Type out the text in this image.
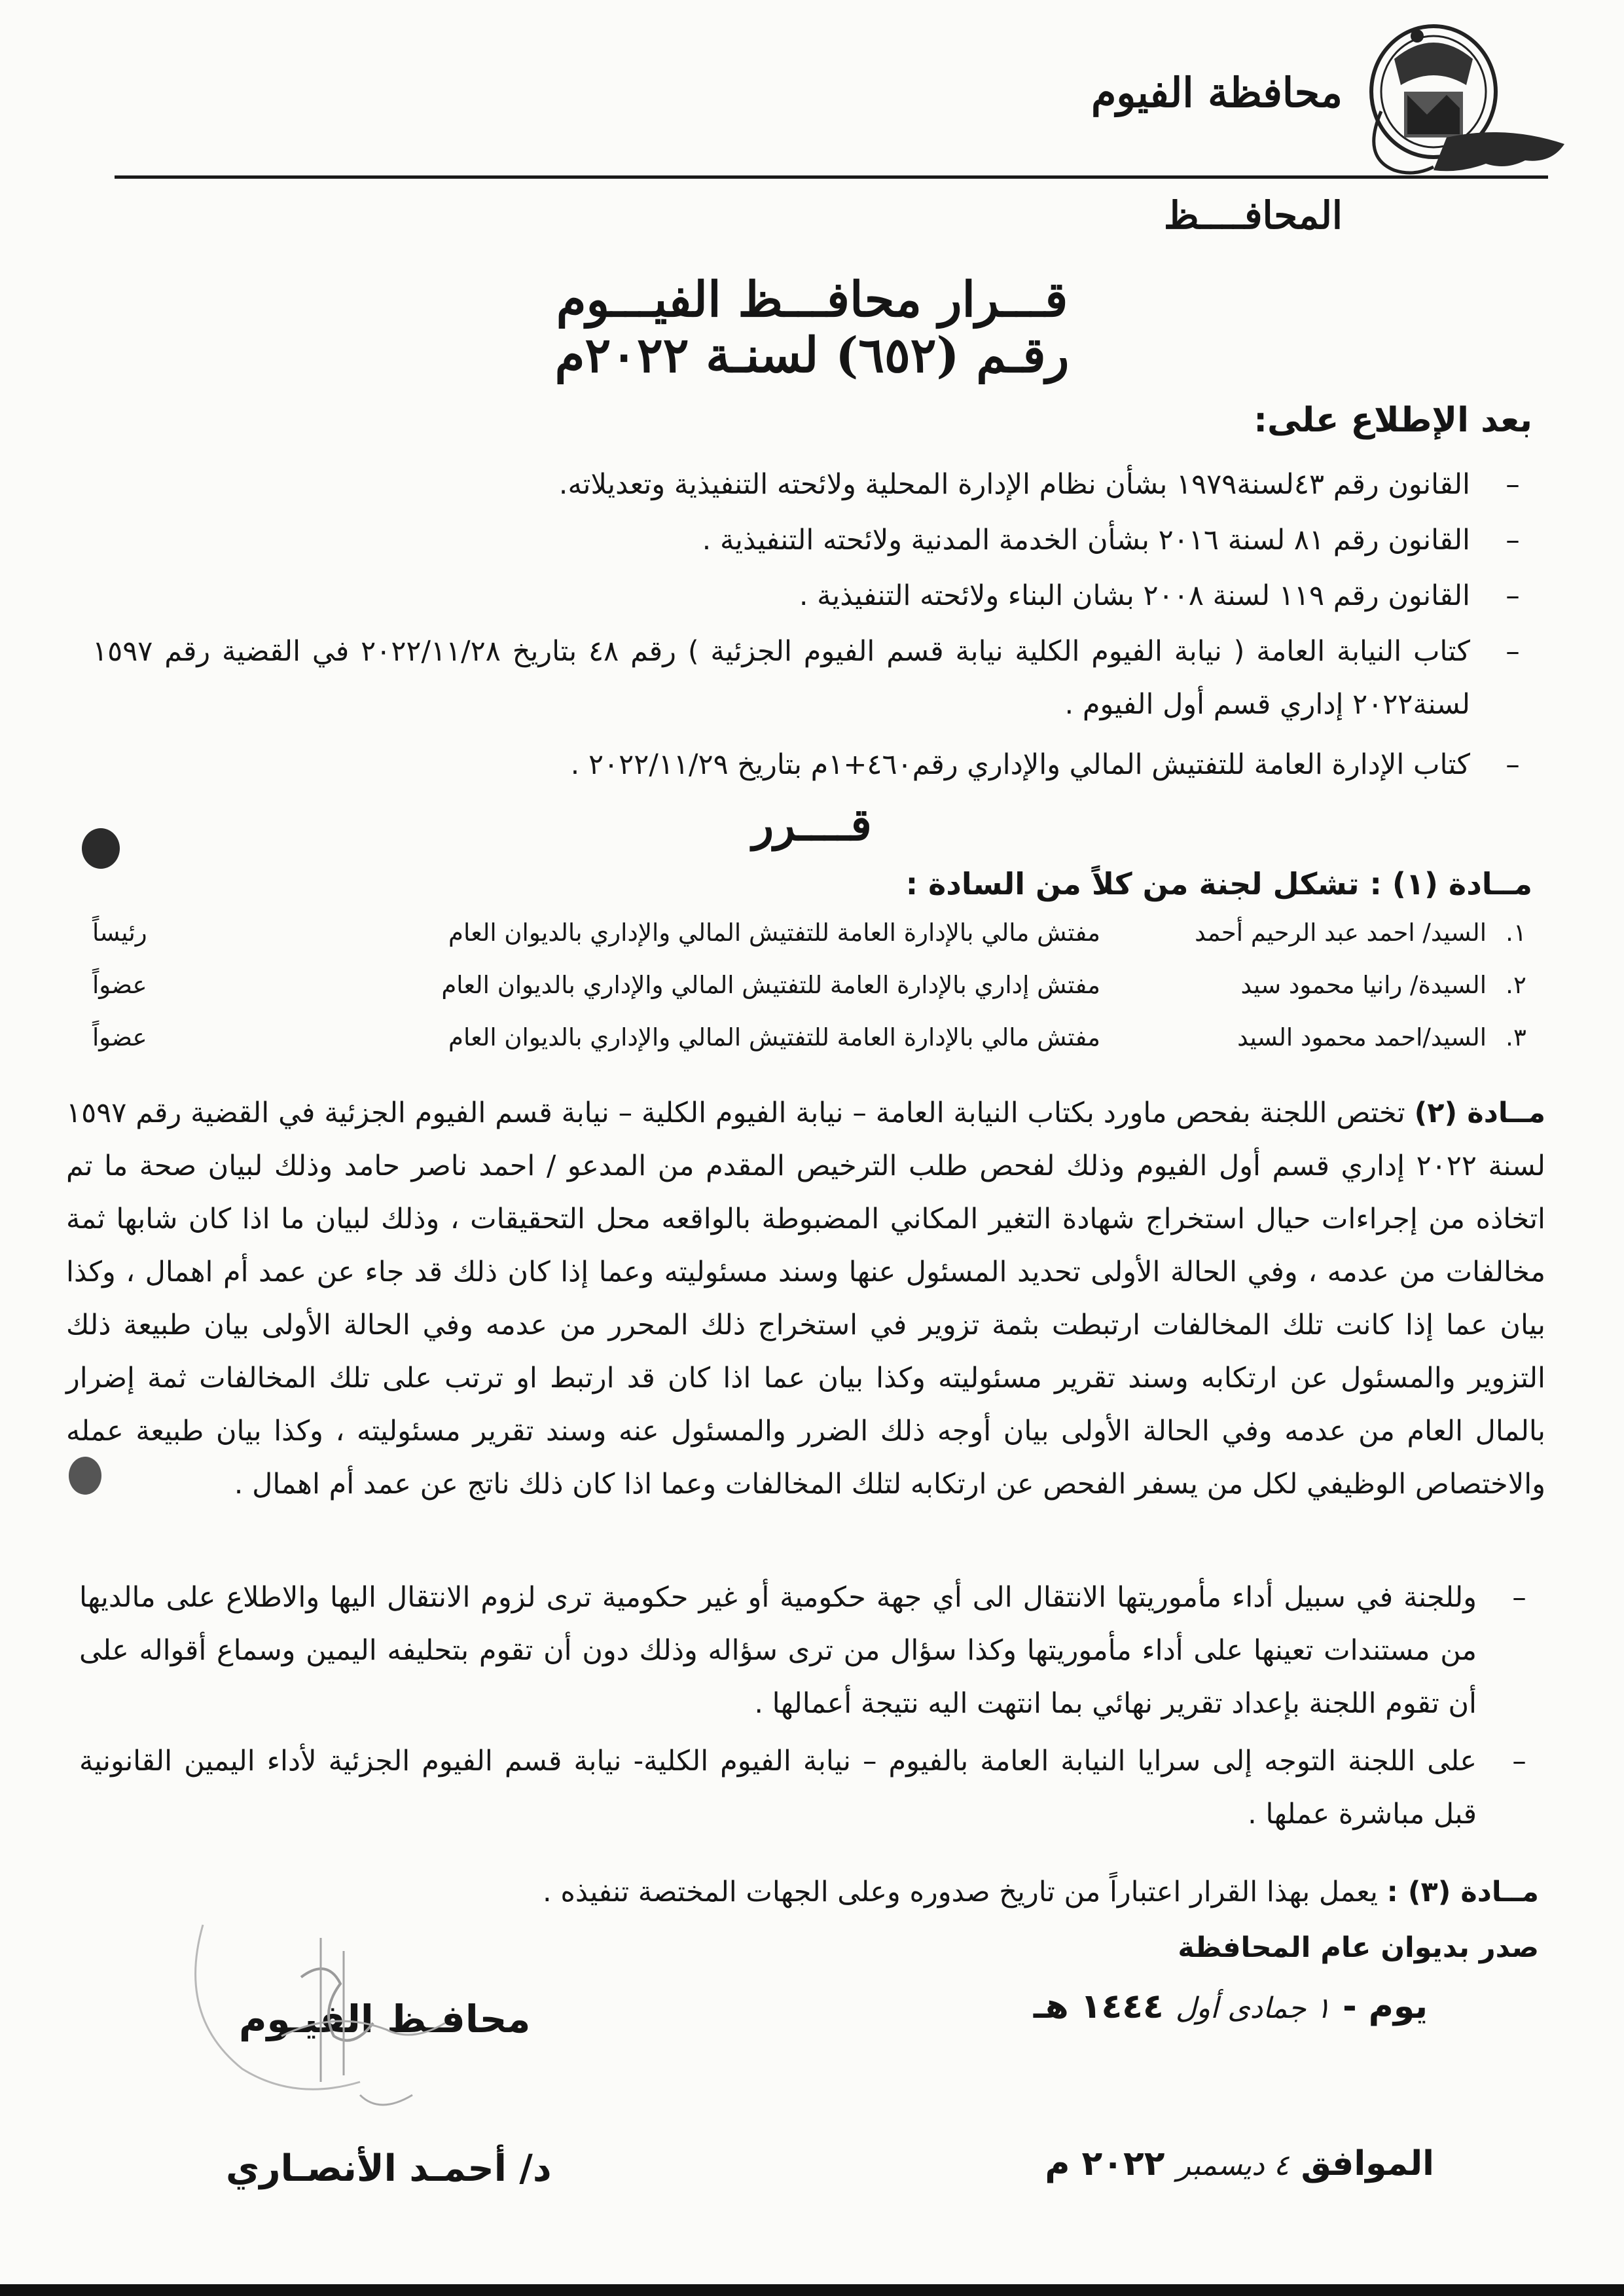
محافظة الفيوم
المحافــــظ
قـــرار محافـــظ الفيـــوم
رقـم (٦٥٢) لسنـة ٢٠٢٢م
بعد الإطلاع على:
–
القانون رقم ٤٣لسنة١٩٧٩ بشأن نظام الإدارة المحلية ولائحته التنفيذية وتعديلاته.
–
القانون رقم ٨١ لسنة ٢٠١٦ بشأن الخدمة المدنية ولائحته التنفيذية .
–
القانون رقم ١١٩ لسنة ٢٠٠٨ بشان البناء ولائحته التنفيذية .
–
كتاب النيابة العامة ( نيابة الفيوم الكلية نيابة قسم الفيوم الجزئية ) رقم ٤٨ بتاريخ ٢٠٢٢/١١/٢٨ في القضية رقم ١٥٩٧ لسنة٢٠٢٢ إداري قسم أول الفيوم .
–
كتاب الإدارة العامة للتفتيش المالي والإداري رقم٤٦٠+١م بتاريخ ٢٠٢٢/١١/٢٩ .
قــــرر
مــادة (١) : تشكل لجنة من كلاً من السادة :
١.
السيد/ احمد عبد الرحيم أحمد
مفتش مالي بالإدارة العامة للتفتيش المالي والإداري بالديوان العام
رئيساً
٢.
السيدة/ رانيا محمود سيد
مفتش إداري بالإدارة العامة للتفتيش المالي والإداري بالديوان العام
عضواً
٣.
السيد/احمد محمود السيد
مفتش مالي بالإدارة العامة للتفتيش المالي والإداري بالديوان العام
عضواً
مــادة (٢) تختص اللجنة بفحص ماورد بكتاب النيابة العامة – نيابة الفيوم الكلية – نيابة قسم الفيوم الجزئية في القضية رقم ١٥٩٧ لسنة ٢٠٢٢ إداري قسم أول الفيوم وذلك لفحص طلب الترخيص المقدم من المدعو / احمد ناصر حامد وذلك لبيان صحة ما تم اتخاذه من إجراءات حيال استخراج شهادة التغير المكاني المضبوطة بالواقعه محل التحقيقات ، وذلك لبيان ما اذا كان شابها ثمة مخالفات من عدمه ، وفي الحالة الأولى تحديد المسئول عنها وسند مسئوليته وعما إذا كان ذلك قد جاء عن عمد أم اهمال ، وكذا بيان عما إذا كانت تلك المخالفات ارتبطت بثمة تزوير في استخراج ذلك المحرر من عدمه وفي الحالة الأولى بيان طبيعة ذلك التزوير والمسئول عن ارتكابه وسند تقرير مسئوليته وكذا بيان عما اذا كان قد ارتبط او ترتب على تلك المخالفات ثمة إضرار بالمال العام من عدمه وفي الحالة الأولى بيان أوجه ذلك الضرر والمسئول عنه وسند تقرير مسئوليته ، وكذا بيان طبيعة عمله والاختصاص الوظيفي لكل من يسفر الفحص عن ارتكابه لتلك المخالفات وعما اذا كان ذلك ناتج عن عمد أم اهمال .
–
وللجنة في سبيل أداء مأموريتها الانتقال الى أي جهة حكومية أو غير حكومية ترى لزوم الانتقال اليها والاطلاع على مالديها من مستندات تعينها على أداء مأموريتها وكذا سؤال من ترى سؤاله وذلك دون أن تقوم بتحليفه اليمين وسماع أقواله على أن تقوم اللجنة بإعداد تقرير نهائي بما انتهت اليه نتيجة أعمالها .
–
على اللجنة التوجه إلى سرايا النيابة العامة بالفيوم – نيابة الفيوم الكلية- نيابة قسم الفيوم الجزئية لأداء اليمين القانونية قبل مباشرة عملها .
مــادة (٣) : يعمل بهذا القرار اعتباراً من تاريخ صدوره وعلى الجهات المختصة تنفيذه .
صدر بديوان عام المحافظة
يوم - ١ جمادى أول ١٤٤٤ هـ
الموافق ٤ ديسمبر ٢٠٢٢ م
محافـظ الفيـوم
د/ أحمـد الأنصـاري
